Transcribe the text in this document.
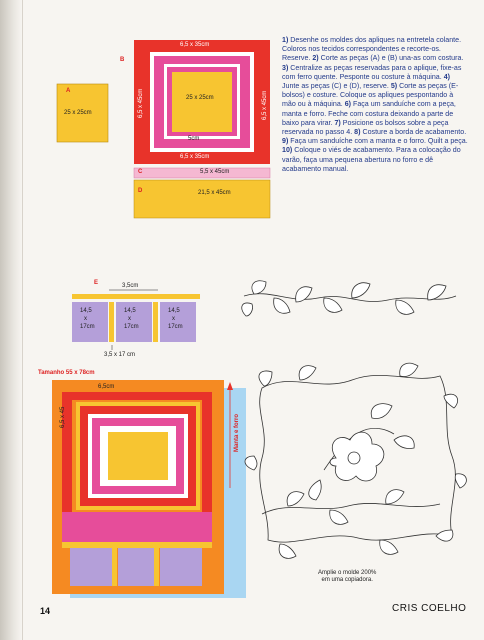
A
25 x 25cm
B
6,5 x 35cm
6,5 x 45cm	6,5 x 45cm
25 x 25cm
5cm
6,5 x 35cm
C	5,5 x 45cm
D	21,5 x 45cm
E	3,5cm
14,5
x
17cm
14,5
x
17cm
14,5
x
17cm
3,5 x 17 cm
Tamanho 55 x 78cm
6,5cm
6,5 x 45	Manta e forro
1) Desenhe os moldes dos apliques na entretela colante. Coloros nos tecidos correspondentes e recorte-os. Reserve. 2) Corte as peças (A) e (B) una-as com costura. 3) Centralize as peças reservadas para o aplique, fixe-as com ferro quente. Pesponte ou costure à máquina. 4) Junte as peças (C) e (D), reserve. 5) Corte as peças (E- bolsos) e costure. Coloque os apliques pespontando à mão ou à máquina. 6) Faça um sanduíche com a peça, manta e forro. Feche com costura deixando a parte de baixo para virar. 7) Posicione os bolsos sobre a peça reservada no passo 4. 8) Costure a borda de acabamento. 9) Faça um sanduíche com a manta e o forro. Quilt a peça. 10) Coloque o viés de acabamento. Para a colocação do varão, faça uma pequena abertura no forro e dê acabamento manual.
Amplie o molde 200%
em uma copiadora.
14	CRIS COELHO
